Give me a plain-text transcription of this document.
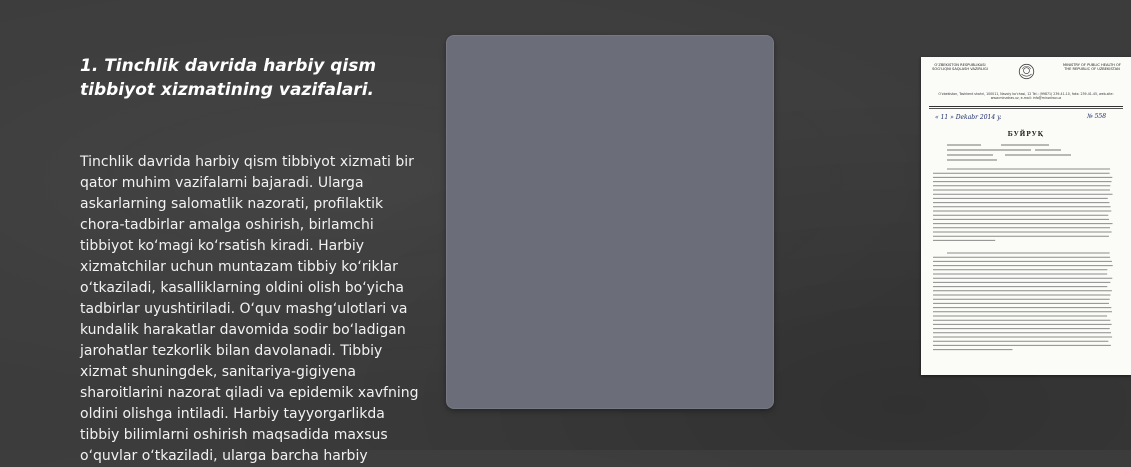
1. Tinchlik davrida harbiy qism tibbiyot xizmatining vazifalari.

Tinchlik davrida harbiy qism tibbiyot xizmati bir qator muhim vazifalarni bajaradi. Ularga askarlarning salomatlik nazorati, profilaktik chora-tadbirlar amalga oshirish, birlamchi tibbiyot ko‘magi ko‘rsatish kiradi. Harbiy xizmatchilar uchun muntazam tibbiy ko‘riklar o‘tkaziladi, kasalliklarning oldini olish bo‘yicha tadbirlar uyushtiriladi. O‘quv mashg‘ulotlari va kundalik harakatlar davomida sodir bo‘ladigan jarohatlar tezkorlik bilan davolanadi. Tibbiy xizmat shuningdek, sanitariya-gigiyena sharoitlarini nazorat qiladi va epidemik xavfning oldini olishga intiladi. Harbiy tayyorgarlikda tibbiy bilimlarni oshirish maqsadida maxsus o‘quvlar o‘tkaziladi, ularga barcha harbiy

O‘ZBEKISTON RESPUBLIKASI SOG‘LIQNI SAQLASH VAZIRLIGI
MINISTRY OF PUBLIC HEALTH OF THE REPUBLIC OF UZBEKISTAN
O‘zbekiston, Toshkent shahri, 100011, Navoiy ko‘chasi, 12 Tel.: (99871) 239-41-10, faks: 239-41-45, web-site: www.minzdrav.uz, e-mail: info@minzdrav.uz
« 11 » Dekabr 2014 y.	№ 558
БУЙРУҚ
